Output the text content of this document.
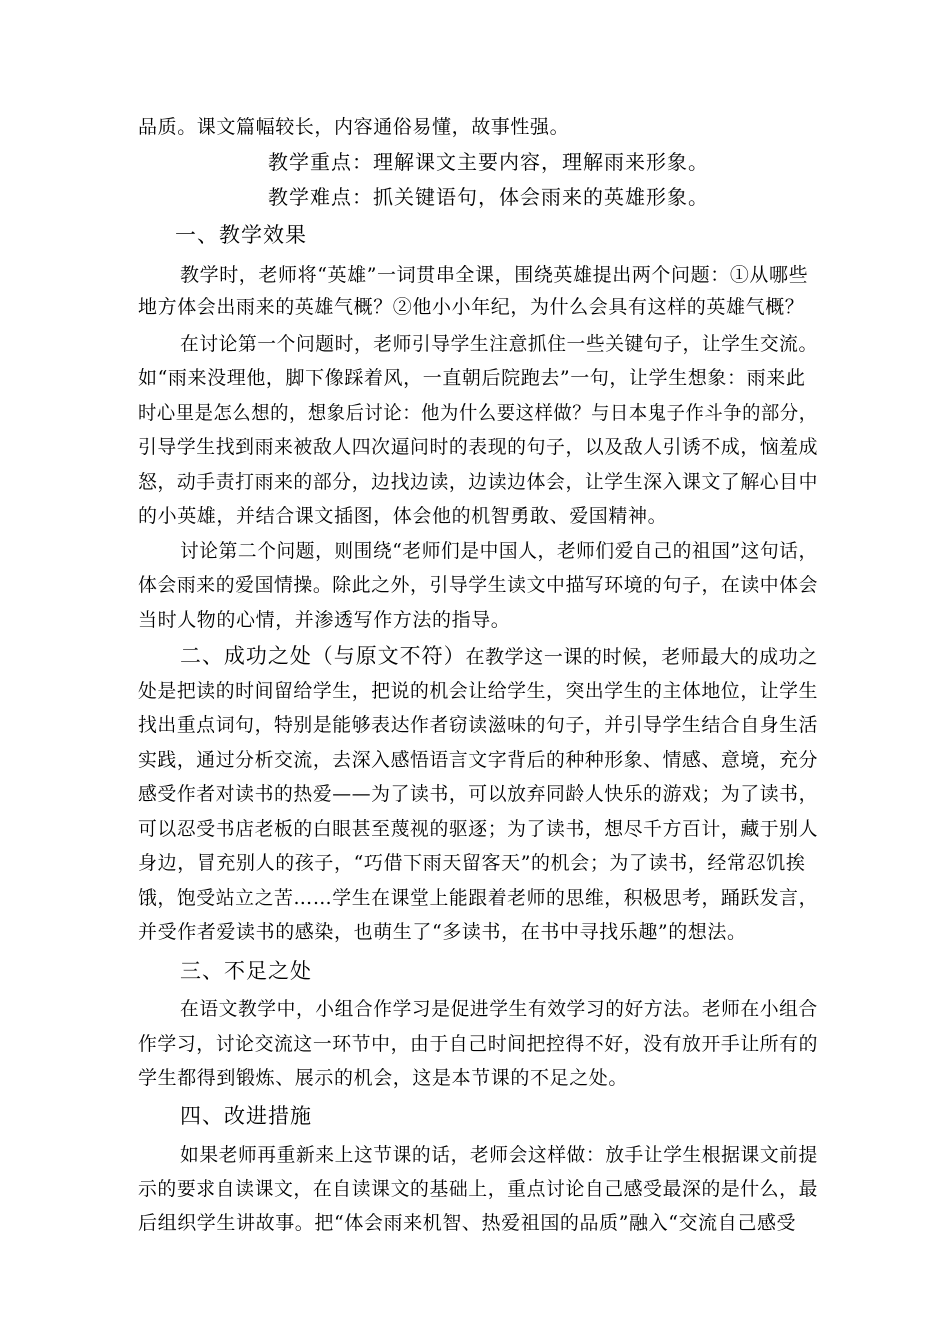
品质。课文篇幅较长，内容通俗易懂，故事性强。
教学重点：理解课文主要内容，理解雨来形象。
教学难点：抓关键语句，体会雨来的英雄形象。
一、教学效果
教学时，老师将“英雄”一词贯串全课，围绕英雄提出两个问题：①从哪些
地方体会出雨来的英雄气概？②他小小年纪，为什么会具有这样的英雄气概？
在讨论第一个问题时，老师引导学生注意抓住一些关键句子，让学生交流。
如“雨来没理他，脚下像踩着风，一直朝后院跑去”一句，让学生想象：雨来此
时心里是怎么想的，想象后讨论：他为什么要这样做？与日本鬼子作斗争的部分，
引导学生找到雨来被敌人四次逼问时的表现的句子，以及敌人引诱不成，恼羞成
怒，动手责打雨来的部分，边找边读，边读边体会，让学生深入课文了解心目中
的小英雄，并结合课文插图，体会他的机智勇敢、爱国精神。
讨论第二个问题，则围绕“老师们是中国人，老师们爱自己的祖国”这句话，
体会雨来的爱国情操。除此之外，引导学生读文中描写环境的句子，在读中体会
当时人物的心情，并渗透写作方法的指导。
二、成功之处（与原文不符）在教学这一课的时候，老师最大的成功之
处是把读的时间留给学生，把说的机会让给学生，突出学生的主体地位，让学生
找出重点词句，特别是能够表达作者窃读滋味的句子，并引导学生结合自身生活
实践，通过分析交流，去深入感悟语言文字背后的种种形象、情感、意境，充分
感受作者对读书的热爱——为了读书，可以放弃同龄人快乐的游戏；为了读书，
可以忍受书店老板的白眼甚至蔑视的驱逐；为了读书，想尽千方百计，藏于别人
身边，冒充别人的孩子，“巧借下雨天留客天”的机会；为了读书，经常忍饥挨
饿，饱受站立之苦……学生在课堂上能跟着老师的思维，积极思考，踊跃发言，
并受作者爱读书的感染，也萌生了“多读书，在书中寻找乐趣”的想法。
三、不足之处
在语文教学中，小组合作学习是促进学生有效学习的好方法。老师在小组合
作学习，讨论交流这一环节中，由于自己时间把控得不好，没有放开手让所有的
学生都得到锻炼、展示的机会，这是本节课的不足之处。
四、改进措施
如果老师再重新来上这节课的话，老师会这样做：放手让学生根据课文前提
示的要求自读课文，在自读课文的基础上，重点讨论自己感受最深的是什么，最
后组织学生讲故事。把“体会雨来机智、热爱祖国的品质”融入“交流自己感受
